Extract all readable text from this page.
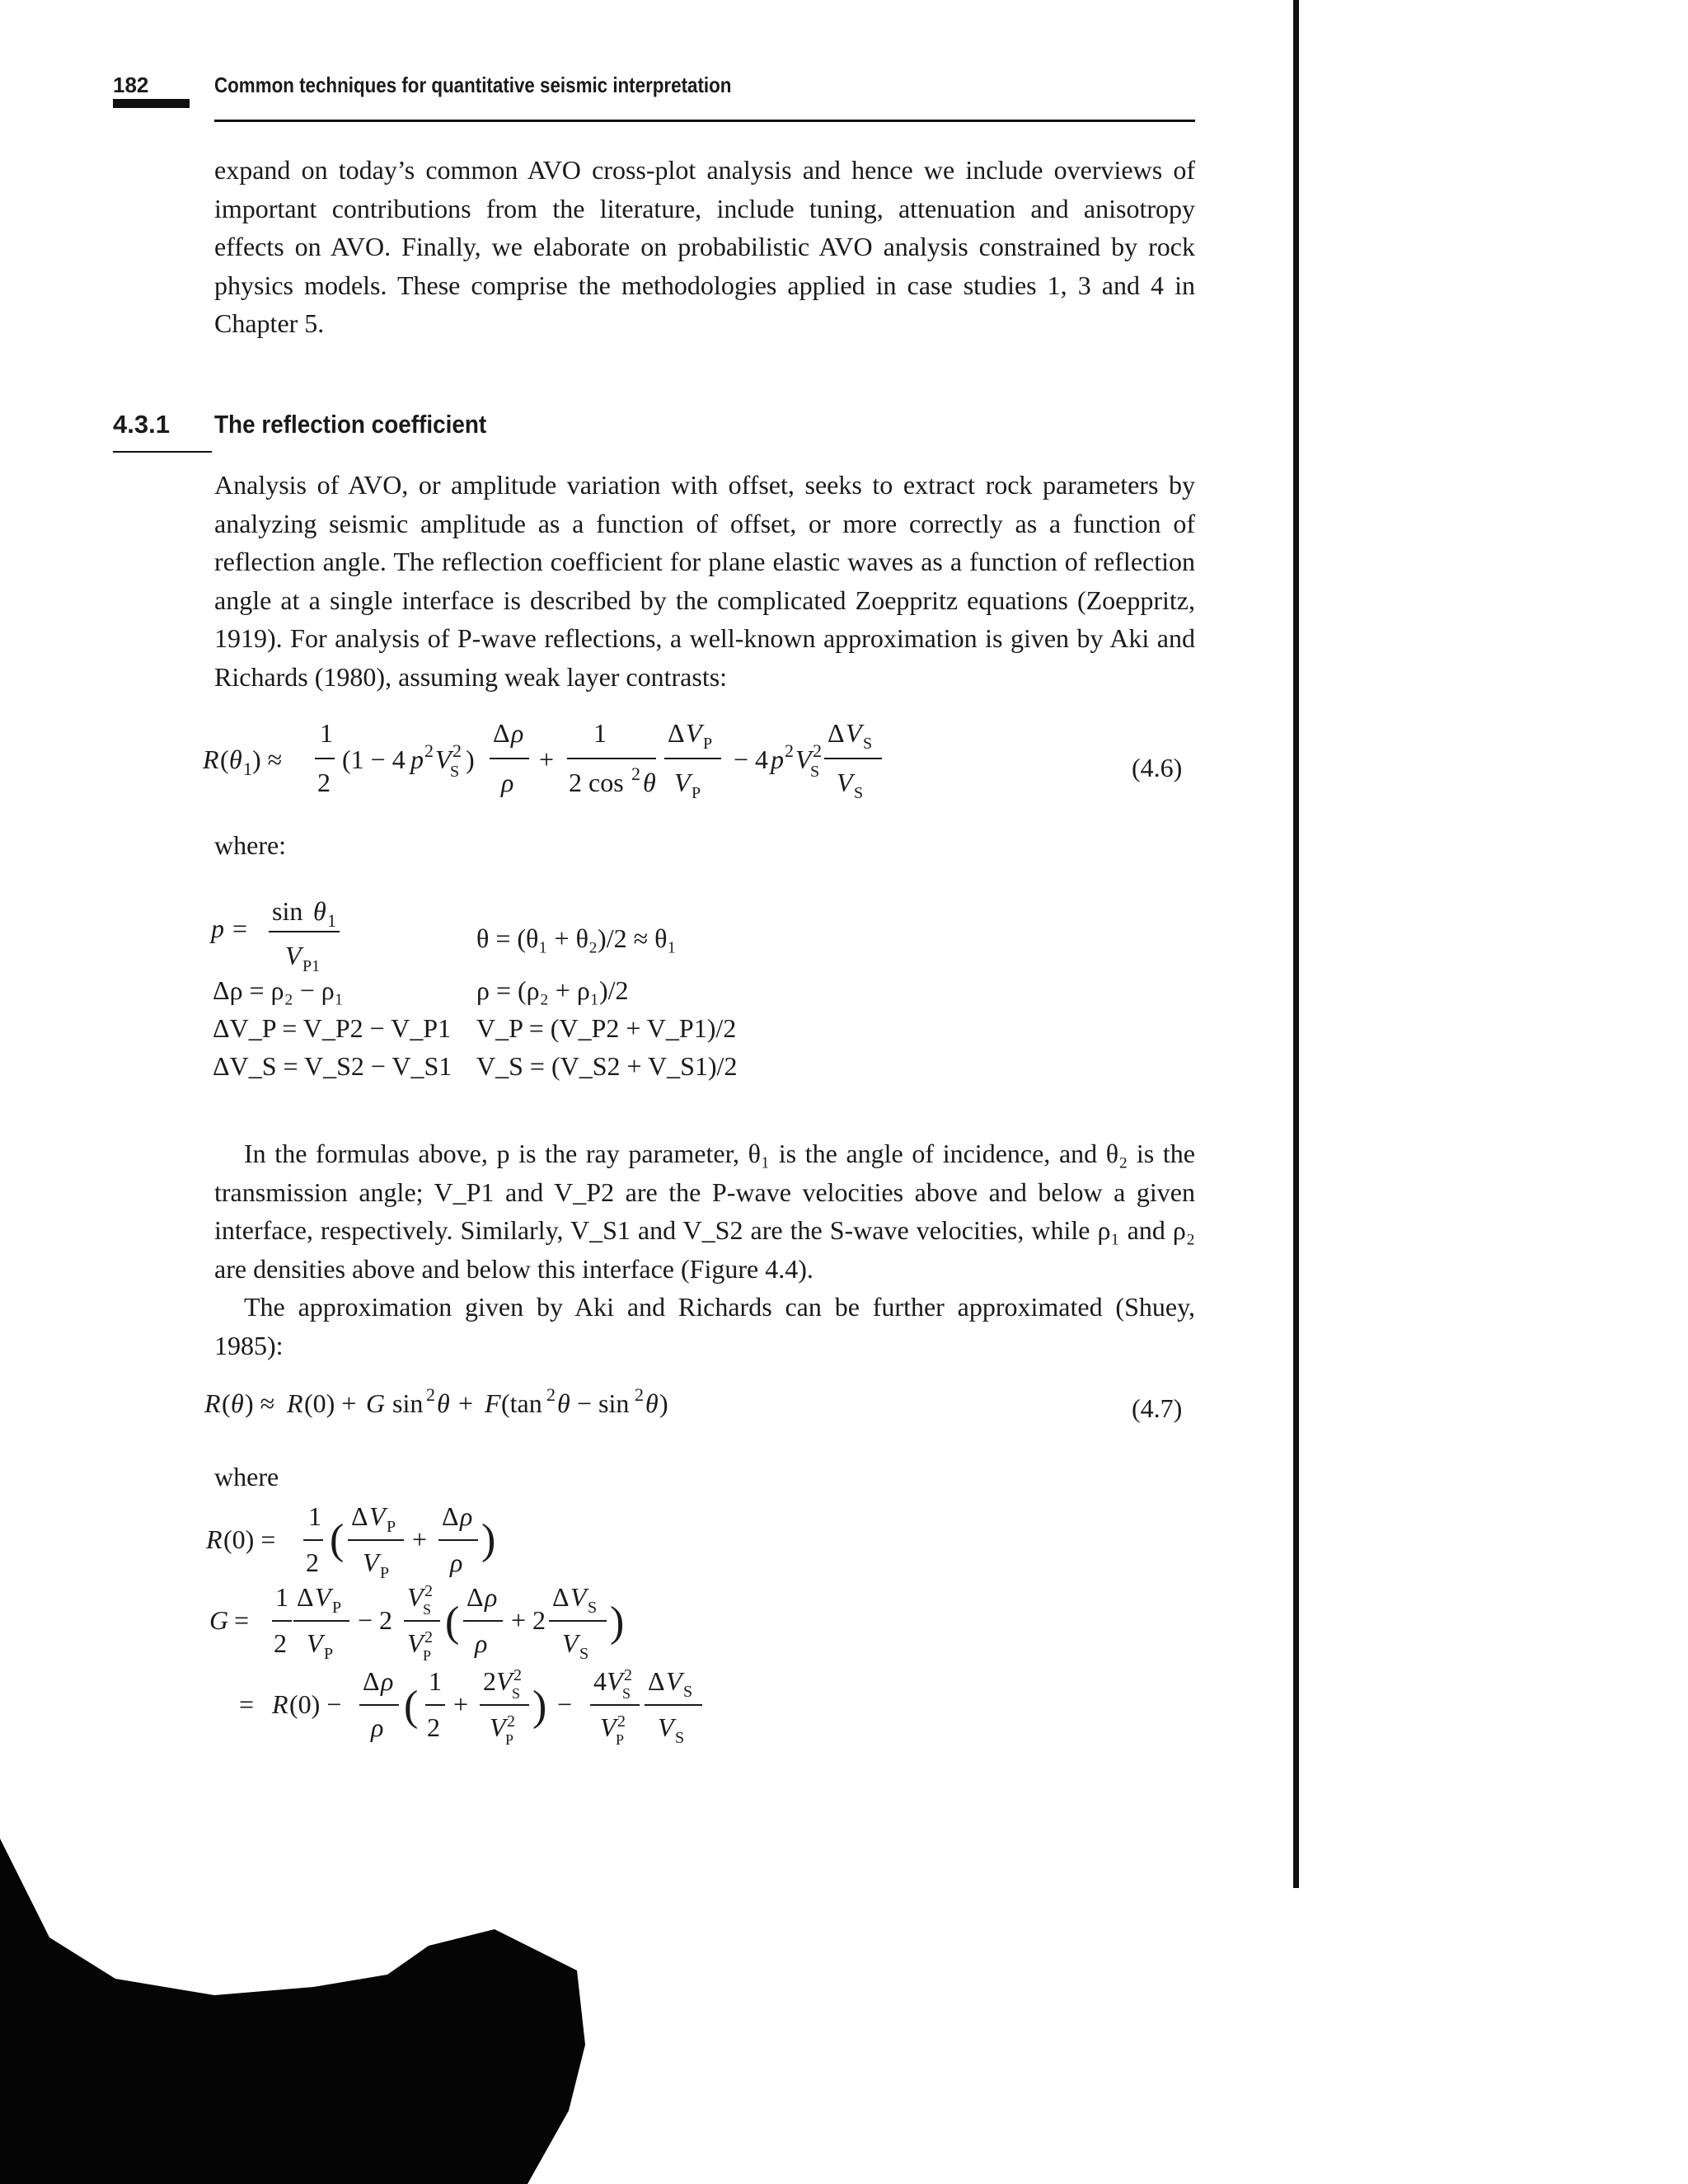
182	Common techniques for quantitative seismic interpretation
expand on today’s common AVO cross-plot analysis and hence we include overviews of important contributions from the literature, include tuning, attenuation and anisotropy effects on AVO. Finally, we elaborate on probabilistic AVO analysis constrained by rock physics models. These comprise the methodologies applied in case studies 1, 3 and 4 in Chapter 5.
4.3.1 The reflection coefficient
Analysis of AVO, or amplitude variation with offset, seeks to extract rock parameters by analyzing seismic amplitude as a function of offset, or more correctly as a function of reflection angle. The reflection coefficient for plane elastic waves as a function of reflection angle at a single interface is described by the complicated Zoeppritz equations (Zoeppritz, 1919). For analysis of P-wave reflections, a well-known approximation is given by Aki and Richards (1980), assuming weak layer contrasts:
R ( θ 1 ) ≈
1
2
(1 − 4 p 2 V 2
S )
Δ ρ
ρ
+
1
2 cos 2 θ
Δ V P
V P
− 4 p 2 V 2
S
Δ V S
V S
(4.6)
where:
p =
sin θ 1
V P1
Δρ = ρ₂ − ρ₁
ΔV_P = V_P2 − V_P1
ΔV_S = V_S2 − V_S1
θ = (θ₁ + θ₂)/2 ≈ θ₁
ρ = (ρ₂ + ρ₁)/2
V_P = (V_P2 + V_P1)/2
V_S = (V_S2 + V_S1)/2
In the formulas above, p is the ray parameter, θ₁ is the angle of incidence, and θ₂ is the transmission angle; V_P1 and V_P2 are the P-wave velocities above and below a given interface, respectively. Similarly, V_S1 and V_S2 are the S-wave velocities, while ρ₁ and ρ₂ are densities above and below this interface (Figure 4.4).
The approximation given by Aki and Richards can be further approximated (Shuey, 1985):
R ( θ ) ≈ R (0) + G sin 2 θ + F (tan 2 θ − sin 2 θ )	(4.7)
where
R (0) =
1
2 ( Δ V P
V P
+
Δ ρ
ρ )
G =
1
2
Δ V P
V P
− 2
V 2
S
V 2
P
(
Δ ρ
ρ
+ 2
Δ V S
V S
)
= R (0) −
Δ ρ
ρ (
1
2
+
2 V 2
S
V 2
P
) −
4 V 2
S
V 2
P
Δ V S
V S
